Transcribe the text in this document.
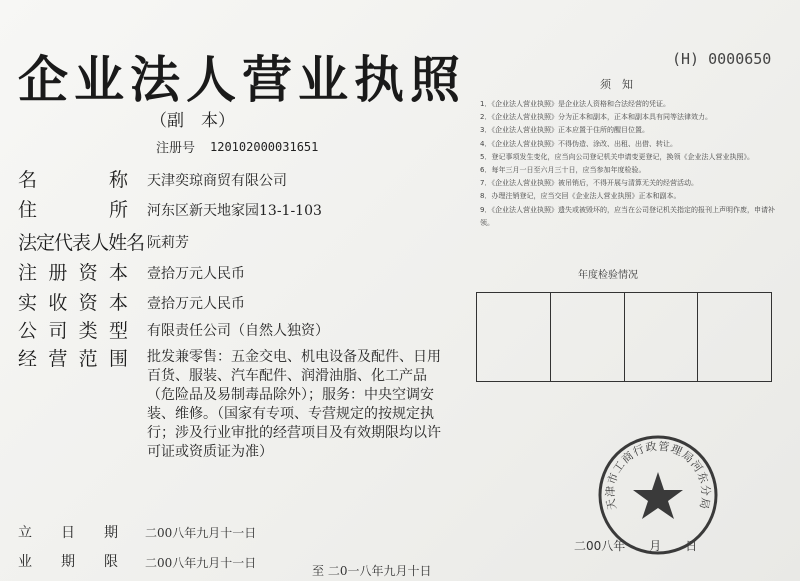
企业法人营业执照
（副　本）
(H) 0000650
注册号 120102000031651
名	称 天津奕琼商贸有限公司
住	所 河东区新天地家园13-1-103
法 定 代 表 人 姓 名 阮莉芳
注 册 资 本 壹拾万元人民币
实 收 资 本 壹拾万元人民币
公 司 类 型 有限责任公司（自然人独资）
经 营 范 围 批发兼零售：五金交电、机电设备及配件、日用百货、服装、汽车配件、润滑油脂、化工产品（危险品及易制毒品除外）；服务：中央空调安装、维修。（国家有专项、专营规定的按规定执行；涉及行业审批的经营项目及有效期限均以许可证或资质证为准）
立 日 期 二00八年九月十一日
业 期 限 二00八年九月十一日
至 二0一八年九月十日
须　知

1．《企业法人营业执照》是企业法人资格和合法经营的凭证。

2．《企业法人营业执照》分为正本和副本，正本和副本具有同等法律效力。

3．《企业法人营业执照》正本应置于住所的醒目位置。

4．《企业法人营业执照》不得伪造、涂改、出租、出借、转让。

5．登记事项发生变化，应当向公司登记机关申请变更登记，换领《企业法人营业执照》。

6．每年三月一日至六月三十日，应当参加年度检验。

7．《企业法人营业执照》被吊销后，不得开展与清算无关的经营活动。

8．办理注销登记，应当交回《企业法人营业执照》正本和副本。

9．《企业法人营业执照》遗失或被毁坏的，应当在公司登记机关指定的报刊上声明作废，申请补领。

年度检验情况
二00八年　　月　　日
天津市工商行政管理局河东分局
